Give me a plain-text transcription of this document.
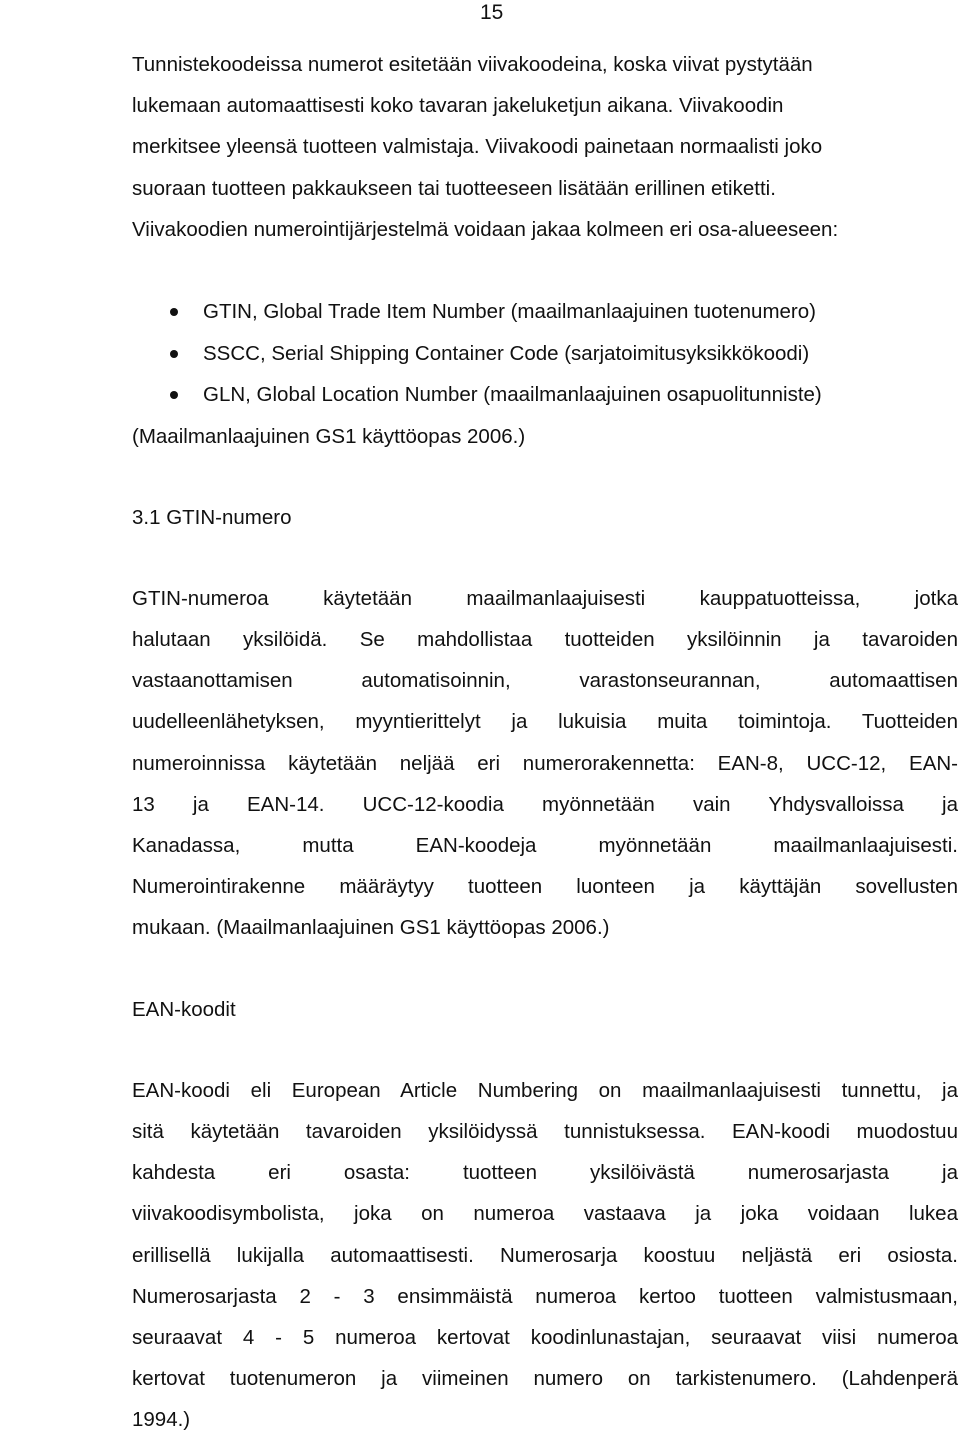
15
Tunnistekoodeissa numerot esitetään viivakoodeina, koska viivat pystytään
lukemaan automaattisesti koko tavaran jakeluketjun aikana. Viivakoodin
merkitsee yleensä tuotteen valmistaja. Viivakoodi painetaan normaalisti joko
suoraan tuotteen pakkaukseen tai tuotteeseen lisätään erillinen etiketti.
Viivakoodien numerointijärjestelmä voidaan jakaa kolmeen eri osa-alueeseen:
GTIN, Global Trade Item Number (maailmanlaajuinen tuotenumero)
SSCC, Serial Shipping Container Code (sarjatoimitusyksikkökoodi)
GLN, Global Location Number (maailmanlaajuinen osapuolitunniste)
(Maailmanlaajuinen GS1 käyttöopas 2006.)
3.1 GTIN-numero
GTIN-numeroa käytetään maailmanlaajuisesti kauppatuotteissa, jotka
halutaan yksilöidä. Se mahdollistaa tuotteiden yksilöinnin ja tavaroiden
vastaanottamisen automatisoinnin, varastonseurannan, automaattisen
uudelleenlähetyksen, myyntierittelyt ja lukuisia muita toimintoja. Tuotteiden
numeroinnissa käytetään neljää eri numerorakennetta: EAN-8, UCC-12, EAN-
13 ja EAN-14. UCC-12-koodia myönnetään vain Yhdysvalloissa ja
Kanadassa, mutta EAN-koodeja myönnetään maailmanlaajuisesti.
Numerointirakenne määräytyy tuotteen luonteen ja käyttäjän sovellusten
mukaan. (Maailmanlaajuinen GS1 käyttöopas 2006.)
EAN-koodit
EAN-koodi eli European Article Numbering on maailmanlaajuisesti tunnettu, ja
sitä käytetään tavaroiden yksilöidyssä tunnistuksessa. EAN-koodi muodostuu
kahdesta eri osasta: tuotteen yksilöivästä numerosarjasta ja
viivakoodisymbolista, joka on numeroa vastaava ja joka voidaan lukea
erillisellä lukijalla automaattisesti. Numerosarja koostuu neljästä eri osiosta.
Numerosarjasta 2 - 3 ensimmäistä numeroa kertoo tuotteen valmistusmaan,
seuraavat 4 - 5 numeroa kertovat koodinlunastajan, seuraavat viisi numeroa
kertovat tuotenumeron ja viimeinen numero on tarkistenumero. (Lahdenperä
1994.)
